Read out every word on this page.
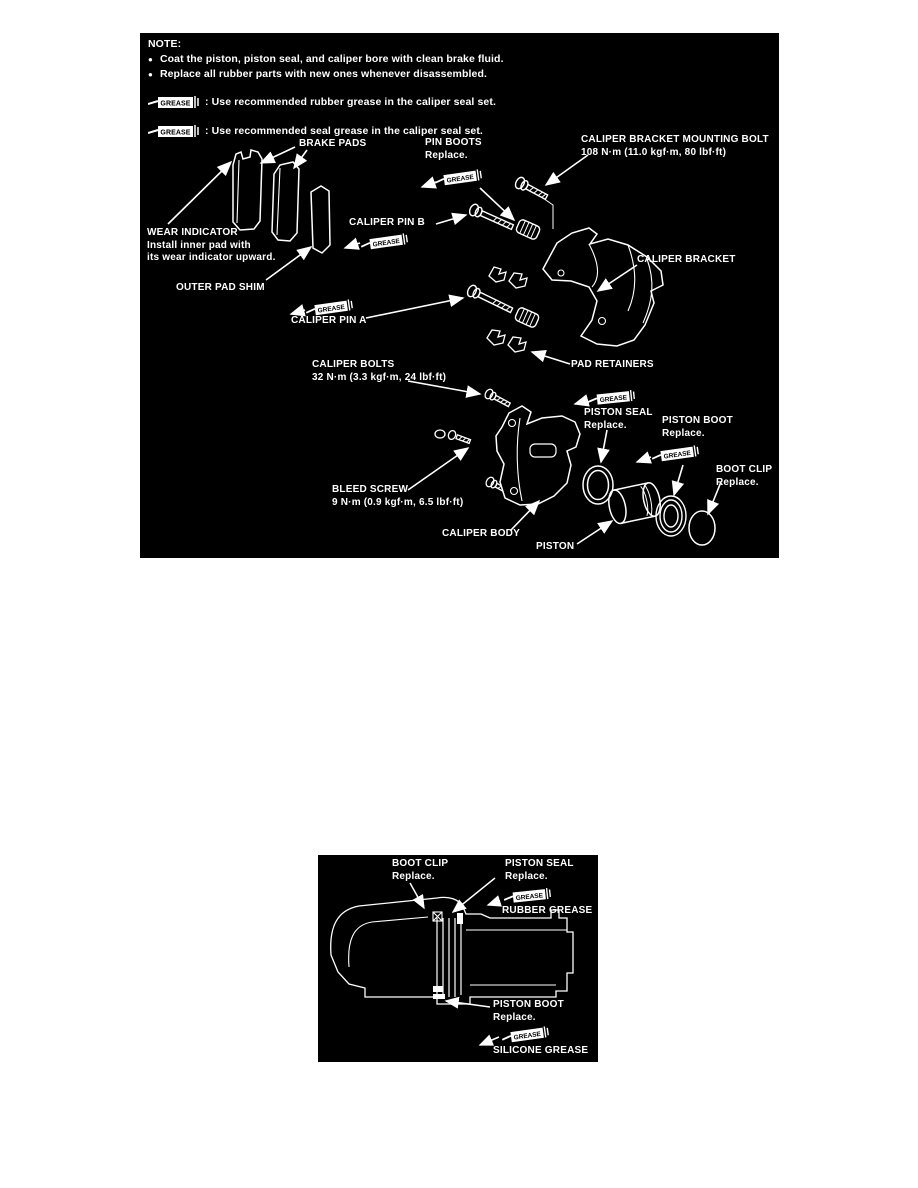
NOTE:
● Coat the piston, piston seal, and caliper bore with clean brake fluid.
● Replace all rubber parts with new ones whenever disassembled.
GREASE : Use recommended rubber grease in the caliper seal set.
GREASE : Use recommended seal grease in the caliper seal set.
GREASE
GREASE
GREASE
GREASE
GREASE
BRAKE PADS	PIN BOOTS
Replace.
CALIPER BRACKET MOUNTING BOLT
108 N·m (11.0 kgf·m, 80 lbf·ft)
WEAR INDICATOR
Install inner pad with
its wear indicator upward.
OUTER PAD SHIM
CALIPER PIN B
CALIPER PIN A
CALIPER BOLTS
32 N·m (3.3 kgf·m, 24 lbf·ft)
PAD RETAINERS
CALIPER BRACKET
PISTON SEAL
Replace.	PISTON BOOT
Replace.
BOOT CLIP
Replace.
BLEED SCREW
9 N·m (0.9 kgf·m, 6.5 lbf·ft)
CALIPER BODY
PISTON
BOOT CLIP
Replace.
PISTON SEAL
Replace.
GREASE
RUBBER GREASE
PISTON BOOT
Replace.
GREASE
SILICONE GREASE
